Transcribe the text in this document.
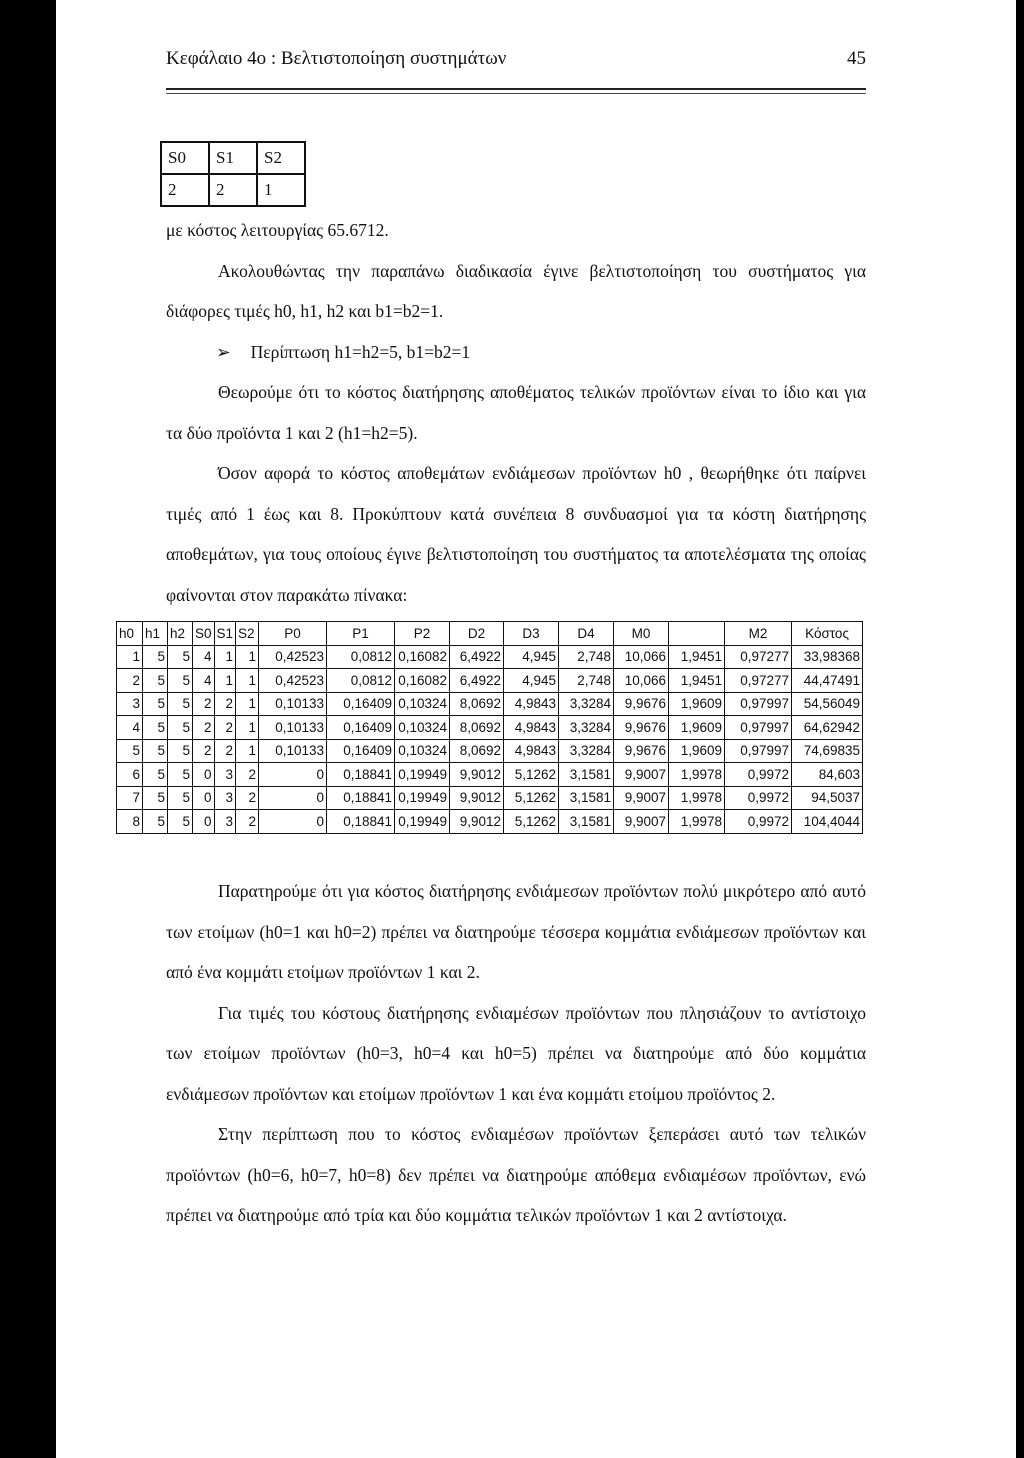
Κεφάλαιο 4ο : Βελτιστοποίηση συστημάτων	45
S0	S1	S2
2	2	1

με κόστος λειτουργίας 65.6712.

Ακολουθώντας την παραπάνω διαδικασία έγινε βελτιστοποίηση του συστήματος για διάφορες τιμές h0, h1, h2 και b1=b2=1.

➢ Περίπτωση h1=h2=5, b1=b2=1

Θεωρούμε ότι το κόστος διατήρησης αποθέματος τελικών προϊόντων είναι το ίδιο και για τα δύο προϊόντα 1 και 2 (h1=h2=5).

Όσον αφορά το κόστος αποθεμάτων ενδιάμεσων προϊόντων h0 , θεωρήθηκε ότι παίρνει τιμές από 1 έως και 8. Προκύπτουν κατά συνέπεια 8 συνδυασμοί για τα κόστη διατήρησης αποθεμάτων, για τους οποίους έγινε βελτιστοποίηση του συστήματος τα αποτελέσματα της οποίας φαίνονται στον παρακάτω πίνακα:

h0	h1	h2	S0	S1	S2	P0	P1	P2	D2	D3	D4	M0		M2	Κόστος
1	5	5	4	1	1	0,42523	0,0812	0,16082	6,4922	4,945	2,748	10,066	1,9451	0,97277	33,98368
2	5	5	4	1	1	0,42523	0,0812	0,16082	6,4922	4,945	2,748	10,066	1,9451	0,97277	44,47491
3	5	5	2	2	1	0,10133	0,16409	0,10324	8,0692	4,9843	3,3284	9,9676	1,9609	0,97997	54,56049
4	5	5	2	2	1	0,10133	0,16409	0,10324	8,0692	4,9843	3,3284	9,9676	1,9609	0,97997	64,62942
5	5	5	2	2	1	0,10133	0,16409	0,10324	8,0692	4,9843	3,3284	9,9676	1,9609	0,97997	74,69835
6	5	5	0	3	2	0	0,18841	0,19949	9,9012	5,1262	3,1581	9,9007	1,9978	0,9972	84,603
7	5	5	0	3	2	0	0,18841	0,19949	9,9012	5,1262	3,1581	9,9007	1,9978	0,9972	94,5037
8	5	5	0	3	2	0	0,18841	0,19949	9,9012	5,1262	3,1581	9,9007	1,9978	0,9972	104,4044

Παρατηρούμε ότι για κόστος διατήρησης ενδιάμεσων προϊόντων πολύ μικρότερο από αυτό των ετοίμων (h0=1 και h0=2) πρέπει να διατηρούμε τέσσερα κομμάτια ενδιάμεσων προϊόντων και από ένα κομμάτι ετοίμων προϊόντων 1 και 2.

Για τιμές του κόστους διατήρησης ενδιαμέσων προϊόντων που πλησιάζουν το αντίστοιχο των ετοίμων προϊόντων (h0=3, h0=4 και h0=5) πρέπει να διατηρούμε από δύο κομμάτια ενδιάμεσων προϊόντων και ετοίμων προϊόντων 1 και ένα κομμάτι ετοίμου προϊόντος 2.

Στην περίπτωση που το κόστος ενδιαμέσων προϊόντων ξεπεράσει αυτό των τελικών προϊόντων (h0=6, h0=7, h0=8) δεν πρέπει να διατηρούμε απόθεμα ενδιαμέσων προϊόντων, ενώ πρέπει να διατηρούμε από τρία και δύο κομμάτια τελικών προϊόντων 1 και 2 αντίστοιχα.
